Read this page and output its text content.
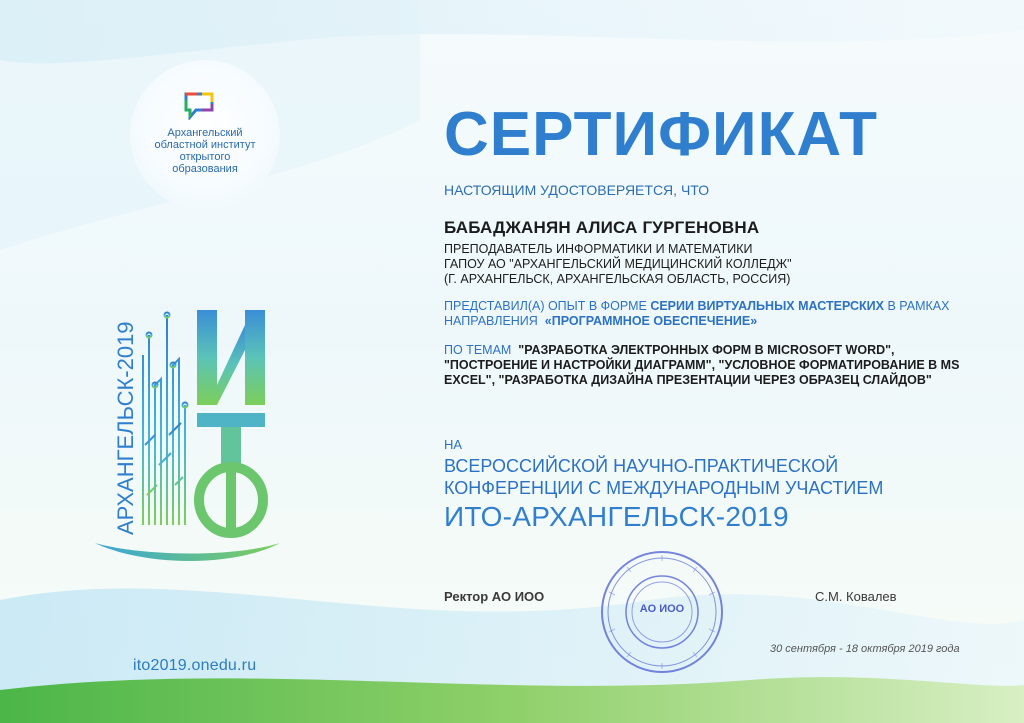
Архангельский
областной институт
открытого
образования
АРХАНГЕЛЬСК-2019
ito2019.onedu.ru
СЕРТИФИКАТ
НАСТОЯЩИМ УДОСТОВЕРЯЕТСЯ, ЧТО
БАБАДЖАНЯН АЛИСА ГУРГЕНОВНА
ПРЕПОДАВАТЕЛЬ ИНФОРМАТИКИ И МАТЕМАТИКИ
ГАПОУ АО "АРХАНГЕЛЬСКИЙ МЕДИЦИНСКИЙ КОЛЛЕДЖ"
(Г. АРХАНГЕЛЬСК, АРХАНГЕЛЬСКАЯ ОБЛАСТЬ, РОССИЯ)
ПРЕДСТАВИЛ(А) ОПЫТ В ФОРМЕ СЕРИИ ВИРТУАЛЬНЫХ МАСТЕРСКИХ В РАМКАХ НАПРАВЛЕНИЯ «ПРОГРАММНОЕ ОБЕСПЕЧЕНИЕ»
ПО ТЕМАМ "РАЗРАБОТКА ЭЛЕКТРОННЫХ ФОРМ В MICROSOFT WORD", "ПОСТРОЕНИЕ И НАСТРОЙКИ ДИАГРАММ", "УСЛОВНОЕ ФОРМАТИРОВАНИЕ В MS EXCEL", "РАЗРАБОТКА ДИЗАЙНА ПРЕЗЕНТАЦИИ ЧЕРЕЗ ОБРАЗЕЦ СЛАЙДОВ"
НА
ВСЕРОССИЙСКОЙ НАУЧНО-ПРАКТИЧЕСКОЙ
КОНФЕРЕНЦИИ С МЕЖДУНАРОДНЫМ УЧАСТИЕМ
ИТО-АРХАНГЕЛЬСК-2019
Ректор АО ИОО
АО ИОО
С.М. Ковалев
30 сентября - 18 октября 2019 года
